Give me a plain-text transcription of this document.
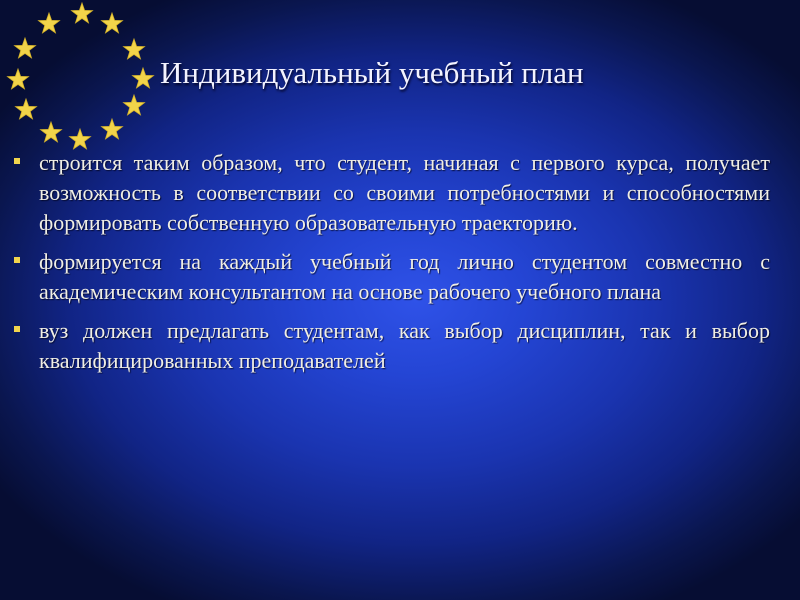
Индивидуальный учебный план
строится таким образом, что студент, начиная с первого курса, получает возможность в соответствии со своими потребностями и способностями формировать собственную образовательную траекторию.
формируется на каждый учебный год лично студентом совместно с академическим консультантом на основе рабочего учебного плана
вуз должен предлагать студентам, как выбор дисциплин, так и выбор квалифицированных преподавателей
